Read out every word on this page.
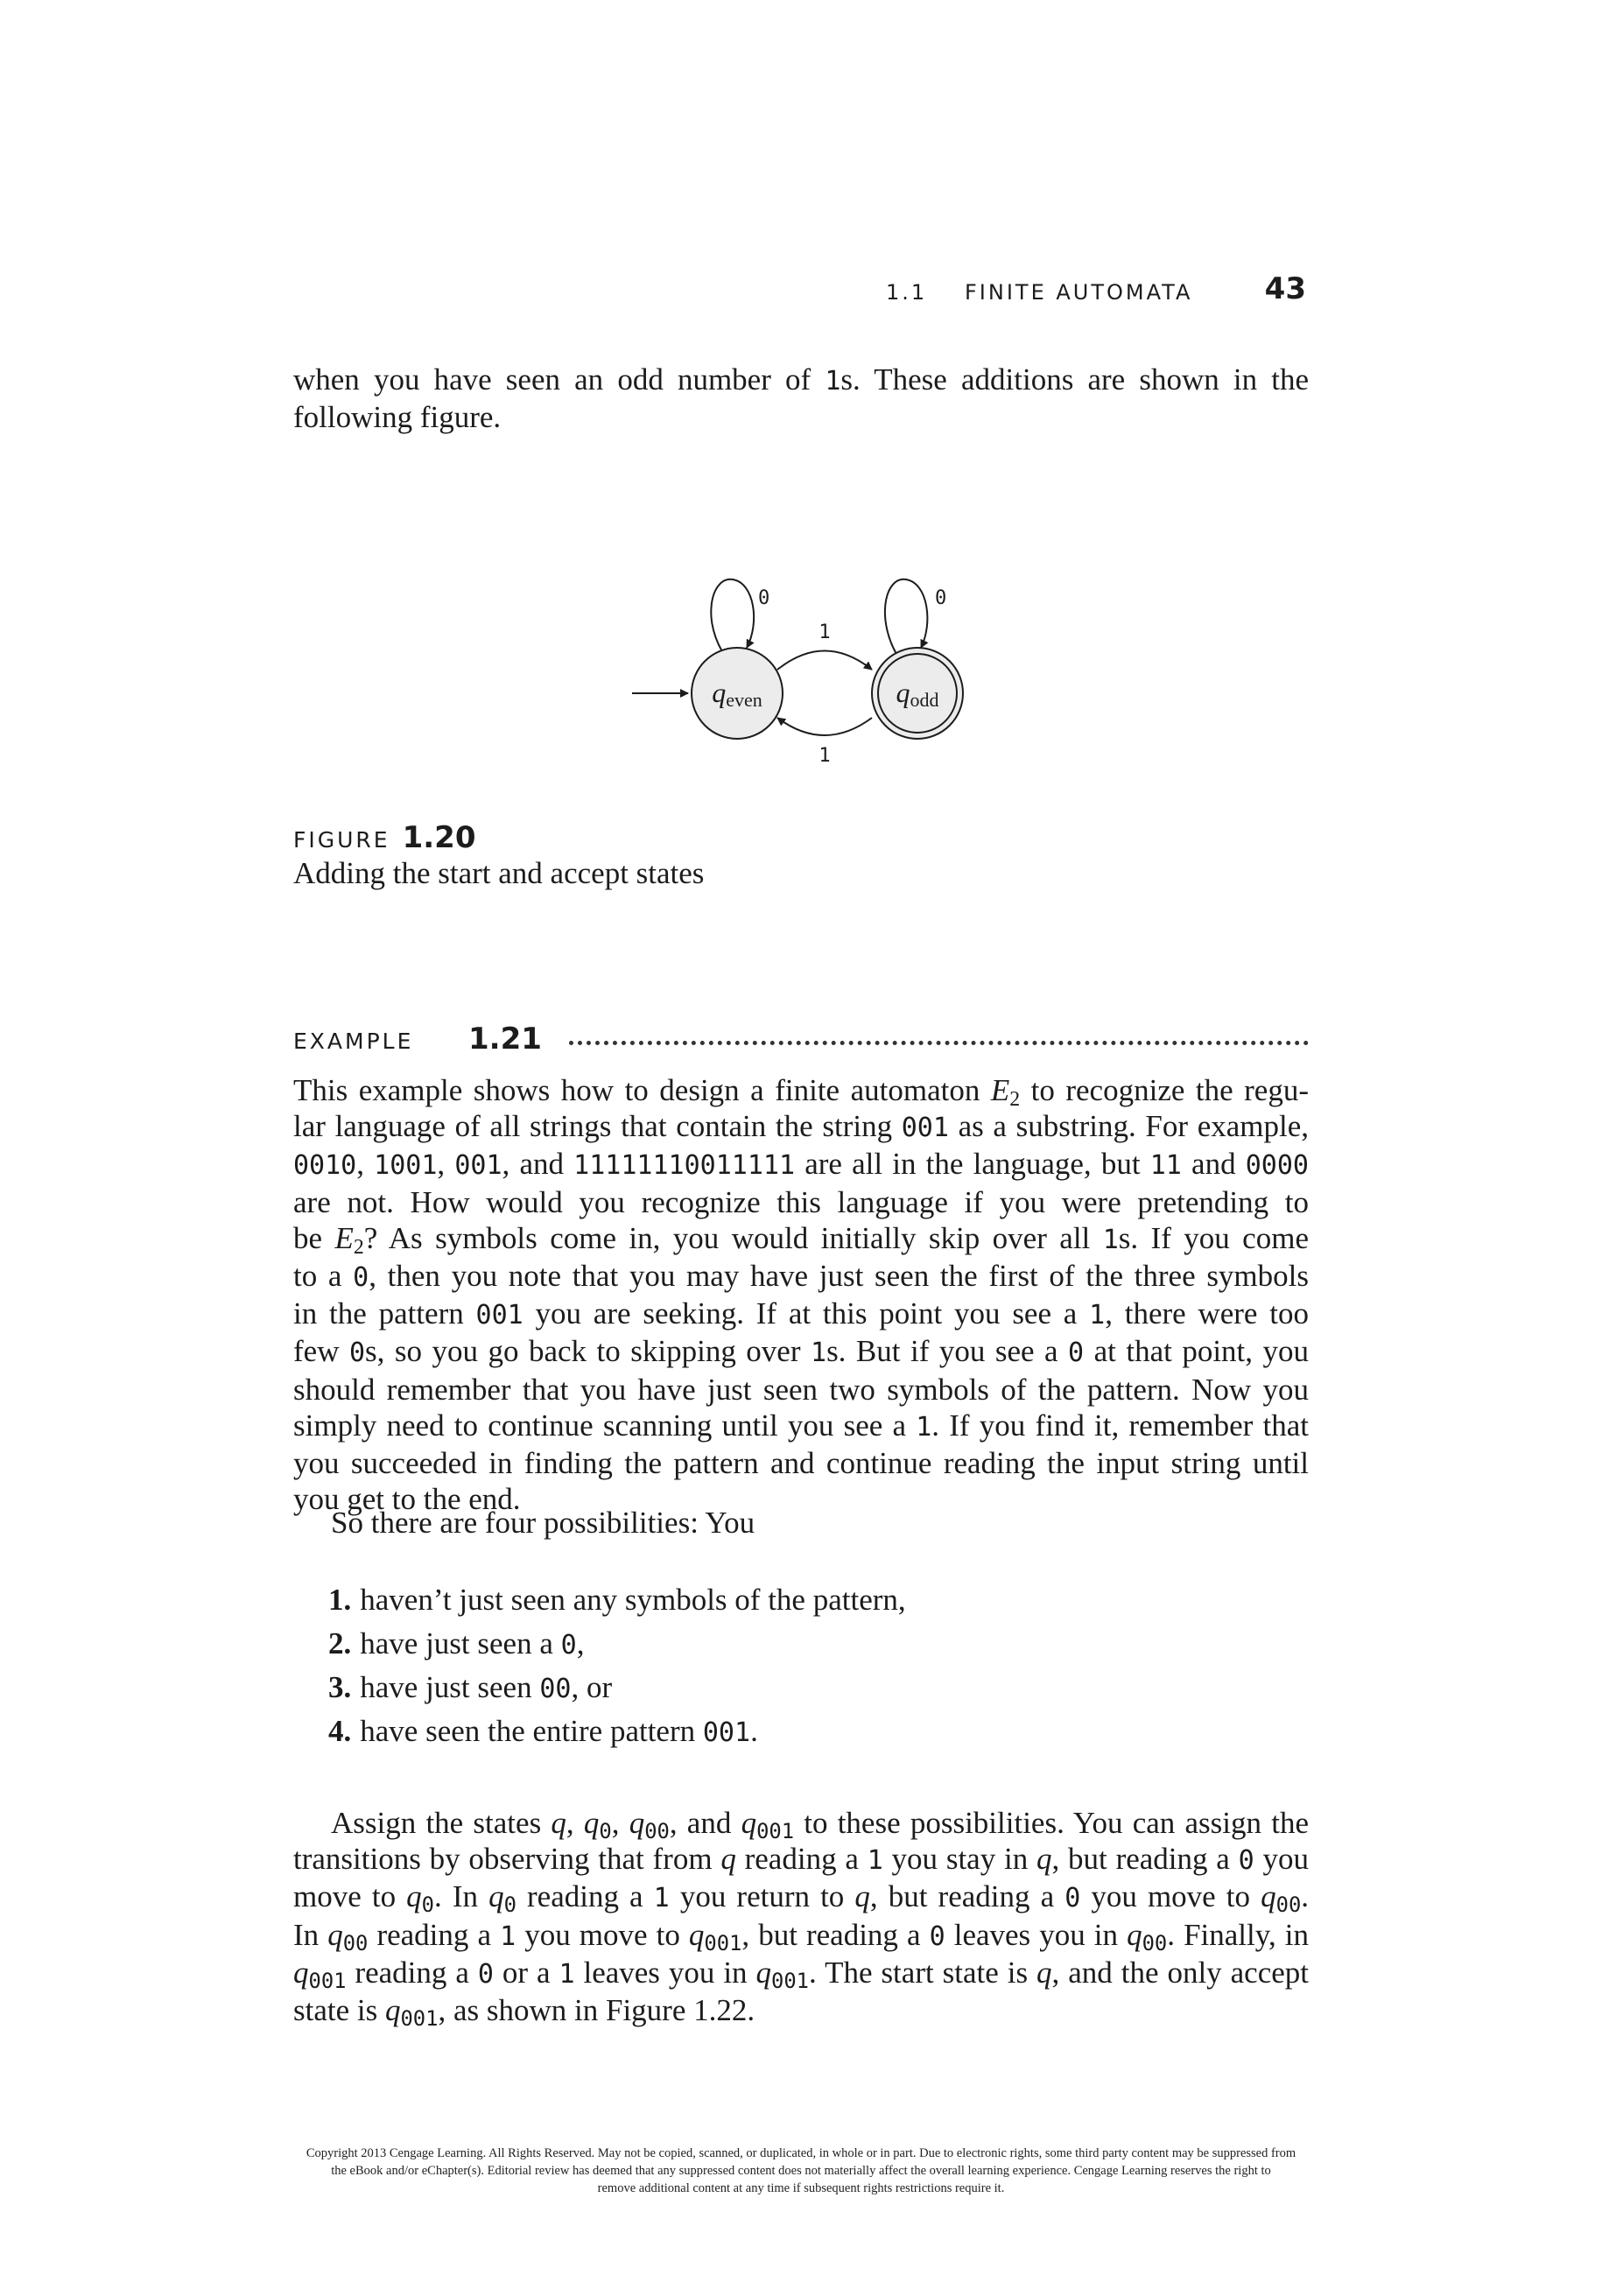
1.1 FINITE AUTOMATA 43
when you have seen an odd number of 1s. These additions are shown in the
following figure.
qeven	qodd
0	0
1
1
FIGURE 1.20
Adding the start and accept states
EXAMPLE 1.21
This example shows how to design a finite automaton $E_2$ to recognize the regu-
lar language of all strings that contain the string 001 as a substring. For example,
0010, 1001, 001, and 11111110011111 are all in the language, but 11 and 0000
are not. How would you recognize this language if you were pretending to
be $E_2$? As symbols come in, you would initially skip over all 1s. If you come
to a 0, then you note that you may have just seen the first of the three symbols
in the pattern 001 you are seeking. If at this point you see a 1, there were too
few 0s, so you go back to skipping over 1s. But if you see a 0 at that point, you
should remember that you have just seen two symbols of the pattern. Now you
simply need to continue scanning until you see a 1. If you find it, remember that
you succeeded in finding the pattern and continue reading the input string until
you get to the end.
So there are four possibilities: You
1. haven’t just seen any symbols of the pattern,
2. have just seen a 0,
3. have just seen 00, or
4. have seen the entire pattern 001.
Assign the states q, $q_0$, $q_{00}$, and $q_{001}$ to these possibilities. You can assign the
transitions by observing that from q reading a 1 you stay in q, but reading a 0 you
move to $q_0$. In $q_0$ reading a 1 you return to q, but reading a 0 you move to $q_{00}$.
In $q_{00}$ reading a 1 you move to $q_{001}$, but reading a 0 leaves you in $q_{00}$. Finally, in
$q_{001}$ reading a 0 or a 1 leaves you in $q_{001}$. The start state is q, and the only accept
state is $q_{001}$, as shown in Figure 1.22.
Copyright 2013 Cengage Learning. All Rights Reserved. May not be copied, scanned, or duplicated, in whole or in part. Due to electronic rights, some third party content may be suppressed from
the eBook and/or eChapter(s). Editorial review has deemed that any suppressed content does not materially affect the overall learning experience. Cengage Learning reserves the right to
remove additional content at any time if subsequent rights restrictions require it.
